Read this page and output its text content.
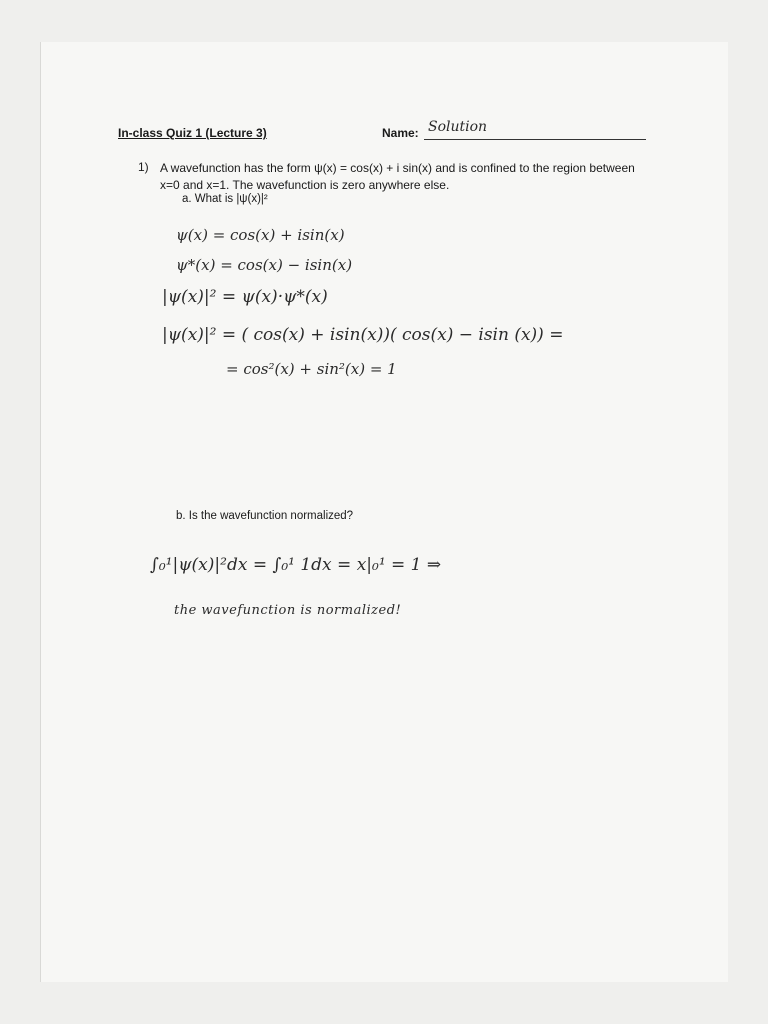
In-class Quiz 1 (Lecture 3)	Name: Solution
1) A wavefunction has the form ψ(x) = cos(x) + i sin(x) and is confined to the region between x=0 and x=1. The wavefunction is zero anywhere else.
a. What is |ψ(x)|²
ψ(x) = cos(x) + isin(x)
ψ*(x) = cos(x) − isin(x)
|ψ(x)|² = ψ(x)·ψ*(x)
|ψ(x)|² = ( cos(x) + isin(x))( cos(x) − isin (x)) =
= cos²(x) + sin²(x) = 1
b. Is the wavefunction normalized?
∫₀¹|ψ(x)|²dx = ∫₀¹ 1dx = x|₀¹ = 1 ⇒
the wavefunction is normalized!
